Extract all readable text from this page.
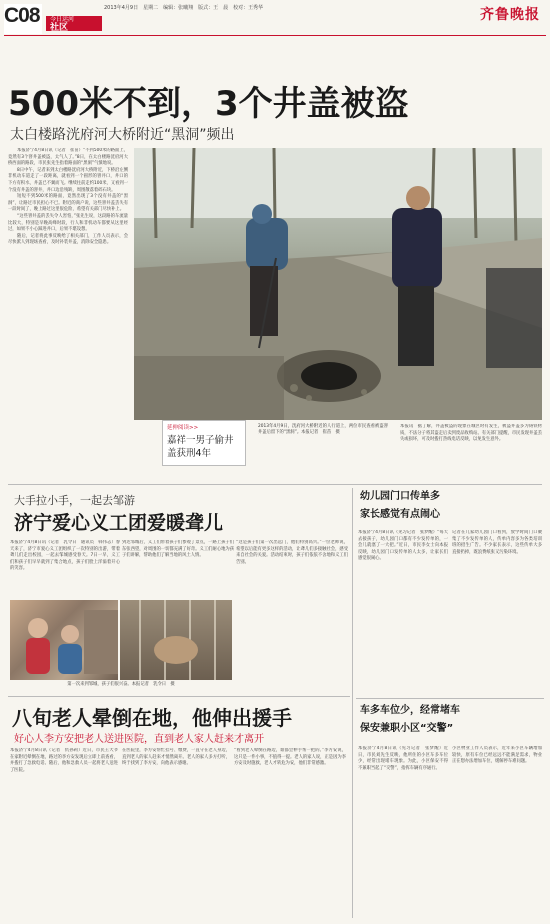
C08	今日运河
社区
2013年4月9日　星期二　编辑：张曦翔　版式：王　晨　校对：王秀华	齐鲁晚报
500米不到，3个井盖被盗
太白楼路洸府河大桥附近“黑洞”频出
本报济宁4月8日讯（记者　崔苗）“不到500米的路面上，竟然有3个窨井盖被盗，太气人了。”8日，在太白楼路洸府河大桥西面的路段，市民张先生指着路面的“黑洞”气愤地说。
8日中午，记者来到太白楼路洸府河大桥附近，下桥沿左侧非机动车道走了一段距离，就看到一个圆形的窨井口，井口的下方有积水，井盖已不翼而飞。继续往前走约100米，又看到一个没有井盖的窨井，井口边沿残缺，周围散落着碎石块。
短短不到500米的路面，竟然出现了3个没有井盖的“黑洞”，让路过市民担心不已。附近的商户说，这些窨井盖丢失有一段时间了，晚上路过这里很危险，希望有关部门尽快补上。
“这些窨井盖的丢失令人害怕，”张先生说，这段路的车流量比较大，特别是早晚高峰时段，行人和非机动车都要从这里经过，如果不小心踩进井口，后果不堪设想。
随后，记者将此事反映给了相关部门，工作人员表示，会尽快派人到现场查看，及时补装井盖，消除安全隐患。
延伸阅读>>
嘉祥一男子偷井盖获刑4年
2013年4月9日，洸府河大桥附近的人行道上，两位市民查看被盗窨井盖后留下的“黑洞”。本报记者　崔苗　摄
本报讯　据了解，井盖被盗的现象在城区时有发生，被盗井盖多为铸铁材质，不法分子将其盗走后卖到废品收购站。有关部门提醒，市民发现井盖丢失或损坏，可及时拨打热线电话反映，以免发生意外。
大手拉小手，一起去邹游
济宁爱心义工团爱暖聋儿
本报济宁4月8日讯（记者　乳令日　通讯员　韩伟志）春天来了，济宁市爱心义工团组织了一次特别的出游，带着聋儿们走出校园，一起去邹城感受春天。7日一早，义工们和孩子们早早就到了集合地点，孩子们脸上洋溢着开心的笑容。
到达邹城后，义工们带着孩子们参观了景点，一路上孩子们东张西望，对周围的一切都充满了好奇。义工们耐心地为孩子们讲解，帮助他们了解当地的风土人情。
“这是孩子们第一次出远门，他们特别高兴。”一位老师说，希望以后能有更多这样的活动，让聋儿们多接触社会，感受来自社会的关爱。活动结束时，孩子们依依不舍地和义工们告别。
第一次来到邹城，孩子们很兴奋。本报记者　乳令日　摄
幼儿园门口传单多
家长感觉有点闹心
本报济宁4月8日讯（见习记者　张梦醒）“每天去接孩子，幼儿园门口都有不少发传单的，一会儿就塞了一大把。”近日，市民李女士向本报反映，幼儿园门口发传单的人太多，让家长们感觉很闹心。
记者在几家幼儿园门口看到，放学时间门口聚集了不少发传单的人，传单内容多为各类培训班的招生广告。不少家长表示，这些传单大多直接扔掉，既浪费纸张又污染环境。
车多车位少，经常堵车
保安兼职小区“交警”
本报济宁4月8日讯（见习记者　张梦醒）近日，市民刘先生反映，他所住的小区车多车位少，经常出现堵车现象。为此，小区保安不得不兼职当起了“交警”，指挥车辆有序通行。
小区物业工作人员表示，近年来小区车辆增加较快，原有车位已经远远不能满足需求，物业正在想办法增加车位，缓解停车难问题。
八旬老人晕倒在地，他伸出援手
好心人李方安把老人送进医院，直到老人家人赶来才离开
本报济宁4月8日讯（记者　仇孙莉）近日，市民王大爷在家附近晕倒在地，路过的李方安发现后立即上前查看，并拨打了急救电话。随后，他和急救人员一起将老人送进了医院。
在医院里，李方安帮忙挂号、缴费，一直守在老人身边，直到老人的家人赶来才悄然离开。老人的家人多方打听，终于找到了李方安，向他表示感谢。
“看到老人晕倒在路边，谁都会伸手帮一把的。”李方安说，这只是一件小事，不值得一提。老人的家人说，正是因为李方安及时施救，老人才转危为安，他们非常感激。
